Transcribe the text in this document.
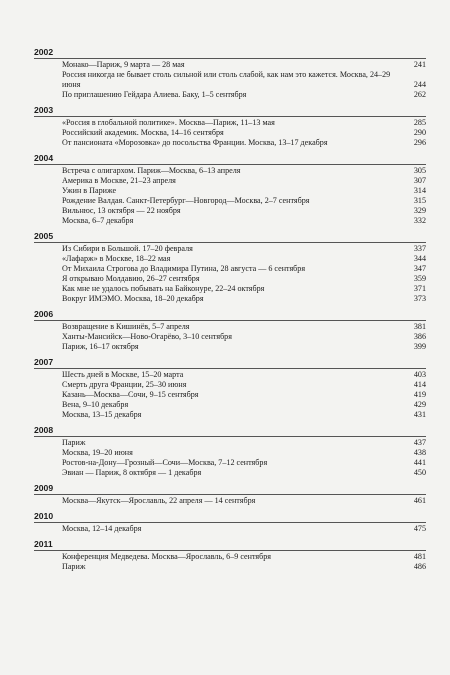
2002
Монако—Париж, 9 марта — 28 мая	241
Россия никогда не бывает столь сильной или столь слабой, как нам это кажется. Москва, 24–29 июня	244
По приглашению Гейдара Алиева. Баку, 1–5 сентября	262
2003
«Россия в глобальной политике». Москва—Париж, 11–13 мая	285
Российский академик. Москва, 14–16 сентября	290
От пансионата «Морозовка» до посольства Франции. Москва, 13–17 декабря	296
2004
Встреча с олигархом. Париж—Москва, 6–13 апреля	305
Америка в Москве, 21–23 апреля	307
Ужин в Париже	314
Рождение Валдая. Санкт-Петербург—Новгород—Москва, 2–7 сентября	315
Вильнюс, 13 октября — 22 ноября	329
Москва, 6–7 декабря	332
2005
Из Сибири в Большой. 17–20 февраля	337
«Лафарж» в Москве, 18–22 мая	344
От Михаила Строгова до Владимира Путина, 28 августа — 6 сентября	347
Я открываю Молдавию, 26–27 сентября	359
Как мне не удалось побывать на Байконуре, 22–24 октября	371
Вокруг ИМЭМО. Москва, 18–20 декабря	373
2006
Возвращение в Кишинёв, 5–7 апреля	381
Ханты-Мансийск—Ново-Огарёво, 3–10 сентября	386
Париж, 16–17 октября	399
2007
Шесть дней в Москве, 15–20 марта	403
Смерть друга Франции, 25–30 июня	414
Казань—Москва—Сочи, 9–15 сентября	419
Вена, 9–10 декабря	429
Москва, 13–15 декабря	431
2008
Париж	437
Москва, 19–20 июня	438
Ростов-на-Дону—Грозный—Сочи—Москва, 7–12 сентября	441
Эвиан — Париж, 8 октября — 1 декабря	450
2009
Москва—Якутск—Ярославль, 22 апреля — 14 сентября	461
2010
Москва, 12–14 декабря	475
2011
Конференция Медведева. Москва—Ярославль, 6–9 сентября	481
Париж	486
